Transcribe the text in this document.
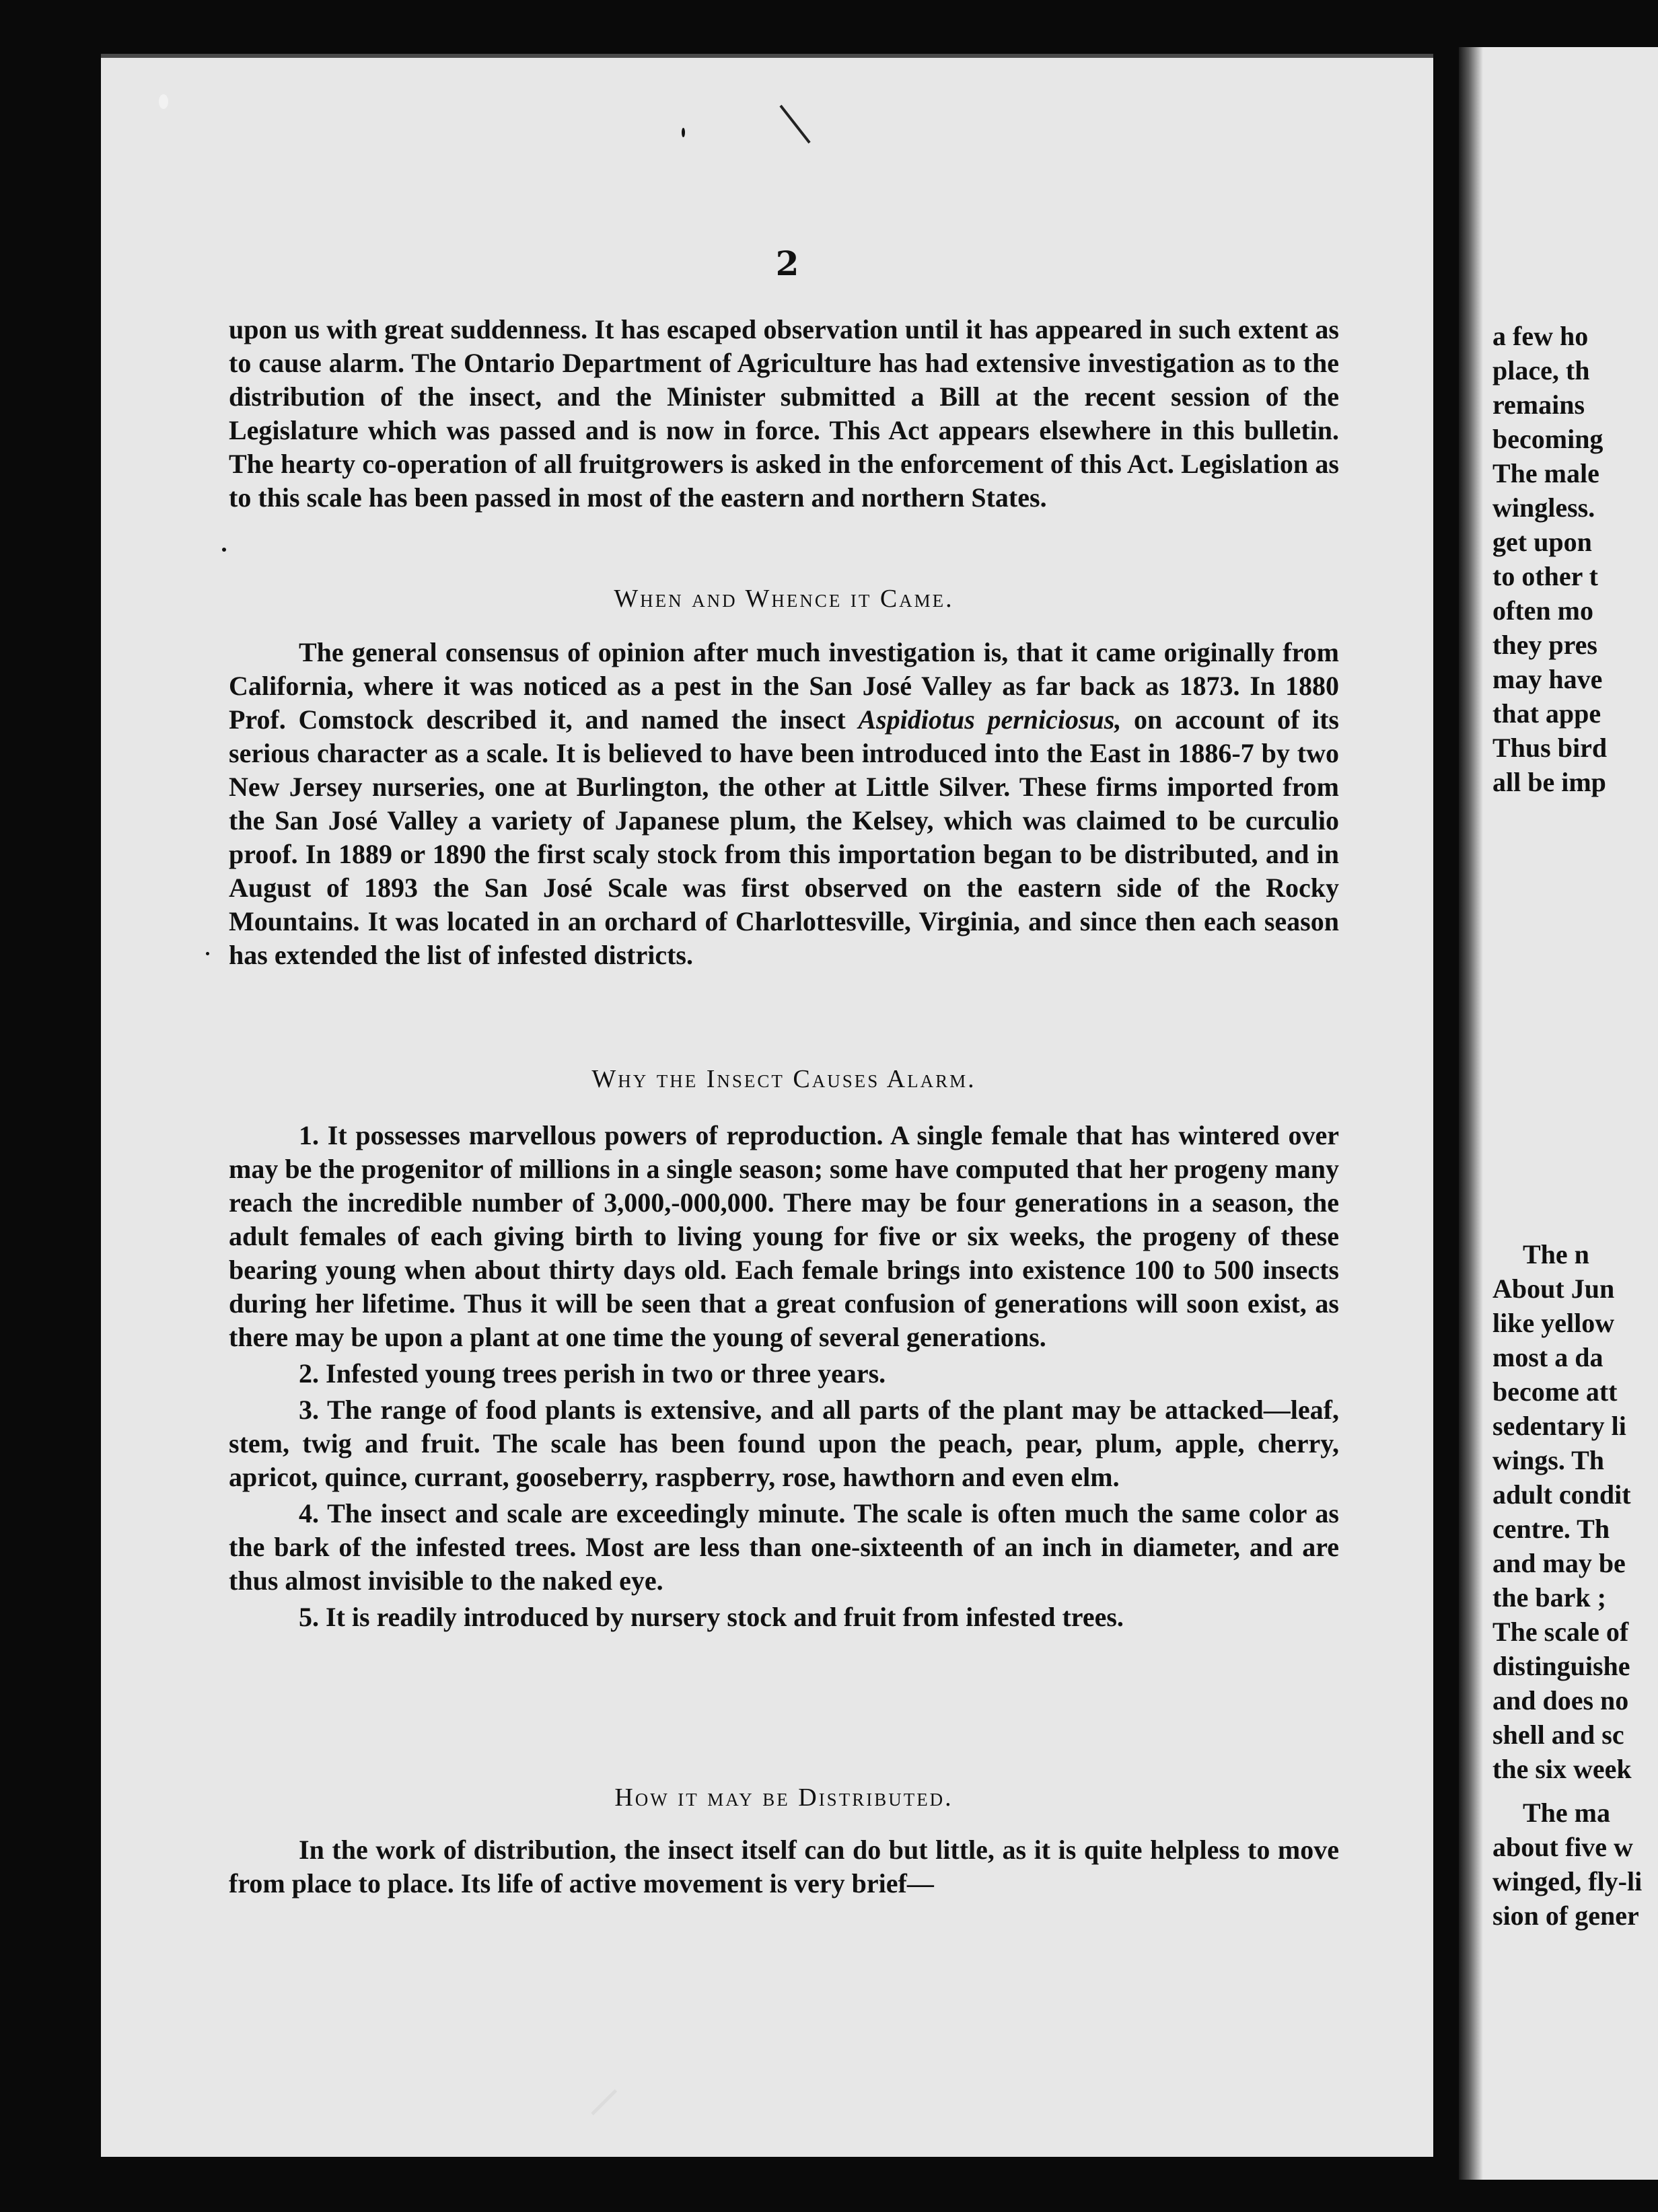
a few ho
place, th
remains
becoming
The male
wingless.
get upon
to other t
often mo
they pres
may have
that appe
Thus bird
all be imp
The n
About Jun
like yellow
most a da
become att
sedentary li
wings. Th
adult condit
centre. Th
and may be
the bark ;
The scale of
distinguishe
and does no
shell and sc
the six week
The ma
about five w
winged, fly-li
sion of gener
2

upon us with great suddenness. It has escaped observation until it has appeared in such extent as to cause alarm. The Ontario Department of Agriculture has had extensive investigation as to the distribution of the insect, and the Minister submitted a Bill at the recent session of the Legislature which was passed and is now in force. This Act appears elsewhere in this bulletin. The hearty co-operation of all fruitgrowers is asked in the enforcement of this Act. Legislation as to this scale has been passed in most of the eastern and northern States.

When and Whence it Came.

The general consensus of opinion after much investigation is, that it came originally from California, where it was noticed as a pest in the San José Valley as far back as 1873. In 1880 Prof. Comstock described it, and named the insect Aspidiotus perniciosus, on account of its serious character as a scale. It is believed to have been introduced into the East in 1886-7 by two New Jersey nurseries, one at Burlington, the other at Little Silver. These firms imported from the San José Valley a variety of Japanese plum, the Kelsey, which was claimed to be curculio proof. In 1889 or 1890 the first scaly stock from this importation began to be distributed, and in August of 1893 the San José Scale was first observed on the eastern side of the Rocky Mountains. It was located in an orchard of Charlottesville, Virginia, and since then each season has extended the list of infested districts.

Why the Insect Causes Alarm.

1. It possesses marvellous powers of reproduction. A single female that has wintered over may be the progenitor of millions in a single season; some have computed that her progeny many reach the incredible number of 3,000,-000,000. There may be four generations in a season, the adult females of each giving birth to living young for five or six weeks, the progeny of these bearing young when about thirty days old. Each female brings into existence 100 to 500 insects during her lifetime. Thus it will be seen that a great confusion of generations will soon exist, as there may be upon a plant at one time the young of several generations.

2. Infested young trees perish in two or three years.

3. The range of food plants is extensive, and all parts of the plant may be attacked—leaf, stem, twig and fruit. The scale has been found upon the peach, pear, plum, apple, cherry, apricot, quince, currant, gooseberry, raspberry, rose, hawthorn and even elm.

4. The insect and scale are exceedingly minute. The scale is often much the same color as the bark of the infested trees. Most are less than one-sixteenth of an inch in diameter, and are thus almost invisible to the naked eye.

5. It is readily introduced by nursery stock and fruit from infested trees.

How it may be Distributed.

In the work of distribution, the insect itself can do but little, as it is quite helpless to move from place to place. Its life of active movement is very brief—
